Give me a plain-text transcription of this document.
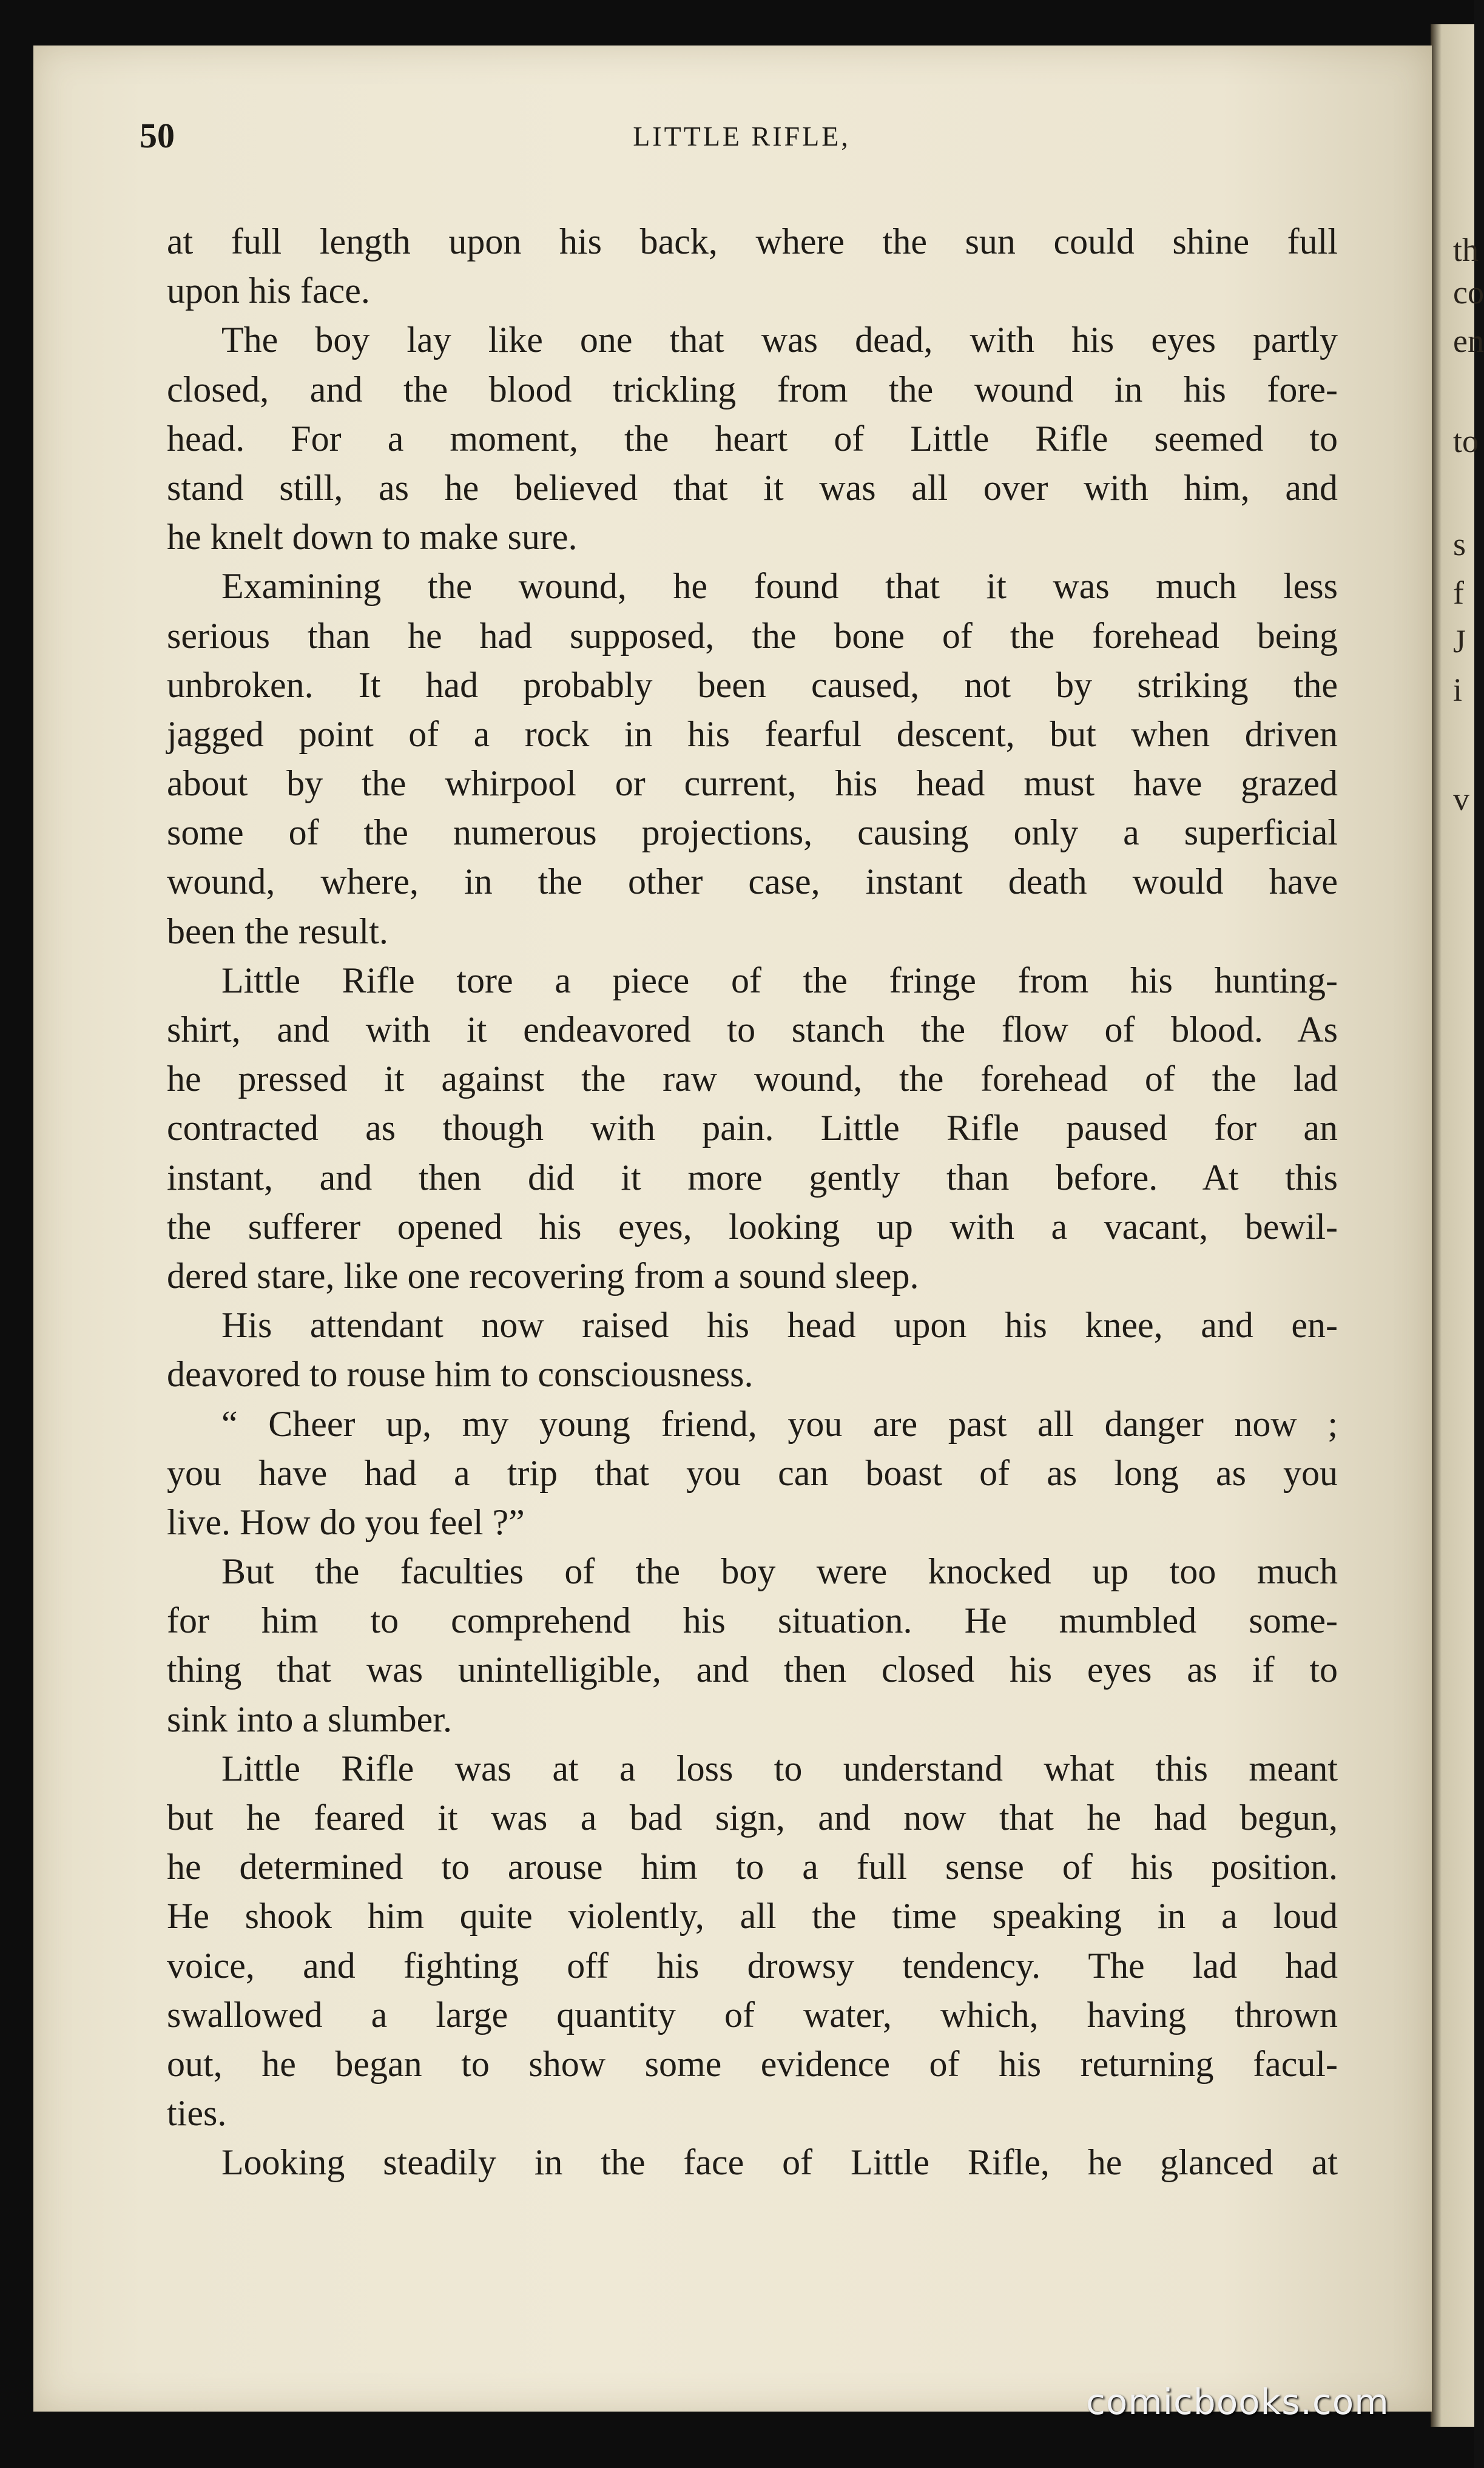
th
co
en
to
s
f
J
i
v
50	LITTLE RIFLE,
at full length upon his back, where the sun could shine full
upon his face.
The boy lay like one that was dead, with his eyes partly
closed, and the blood trickling from the wound in his fore-
head. For a moment, the heart of Little Rifle seemed to
stand still, as he believed that it was all over with him, and
he knelt down to make sure.
Examining the wound, he found that it was much less
serious than he had supposed, the bone of the forehead being
unbroken. It had probably been caused, not by striking the
jagged point of a rock in his fearful descent, but when driven
about by the whirpool or current, his head must have grazed
some of the numerous projections, causing only a superficial
wound, where, in the other case, instant death would have
been the result.
Little Rifle tore a piece of the fringe from his hunting-
shirt, and with it endeavored to stanch the flow of blood. As
he pressed it against the raw wound, the forehead of the lad
contracted as though with pain. Little Rifle paused for an
instant, and then did it more gently than before. At this
the sufferer opened his eyes, looking up with a vacant, bewil-
dered stare, like one recovering from a sound sleep.
His attendant now raised his head upon his knee, and en-
deavored to rouse him to consciousness.
“ Cheer up, my young friend, you are past all danger now ;
you have had a trip that you can boast of as long as you
live. How do you feel ?”
But the faculties of the boy were knocked up too much
for him to comprehend his situation. He mumbled some-
thing that was unintelligible, and then closed his eyes as if to
sink into a slumber.
Little Rifle was at a loss to understand what this meant
but he feared it was a bad sign, and now that he had begun,
he determined to arouse him to a full sense of his position.
He shook him quite violently, all the time speaking in a loud
voice, and fighting off his drowsy tendency. The lad had
swallowed a large quantity of water, which, having thrown
out, he began to show some evidence of his returning facul-
ties.
Looking steadily in the face of Little Rifle, he glanced at
comicbooks.com
